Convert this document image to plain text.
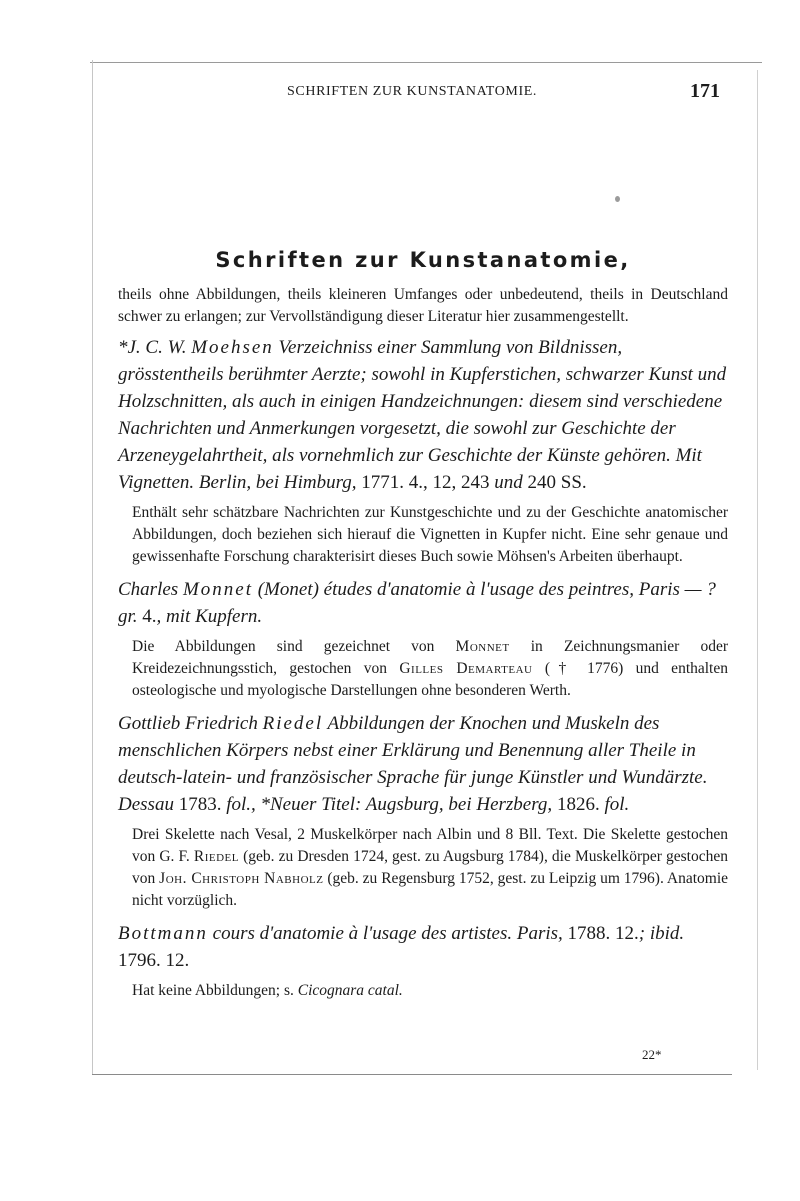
SCHRIFTEN ZUR KUNSTANATOMIE.	171
Schriften zur Kunstanatomie,

theils ohne Abbildungen, theils kleineren Umfanges oder unbedeutend, theils in Deutschland schwer zu erlangen; zur Vervollständigung dieser Literatur hier zusammengestellt.

*J. C. W. Moehsen Verzeichniss einer Sammlung von Bildnissen, grösstentheils berühmter Aerzte; sowohl in Kupferstichen, schwarzer Kunst und Holzschnitten, als auch in einigen Handzeichnungen: diesem sind verschiedene Nachrichten und Anmerkungen vorgesetzt, die sowohl zur Geschichte der Arzeneygelahrtheit, als vornehmlich zur Geschichte der Künste gehören. Mit Vignetten. Berlin, bei Himburg, 1771. 4., 12, 243 und 240 SS.

Enthält sehr schätzbare Nachrichten zur Kunstgeschichte und zu der Geschichte anatomischer Abbildungen, doch beziehen sich hierauf die Vignetten in Kupfer nicht. Eine sehr genaue und gewissenhafte Forschung charakterisirt dieses Buch sowie Möhsen's Arbeiten überhaupt.

Charles Monnet (Monet) études d'anatomie à l'usage des peintres, Paris — ? gr. 4., mit Kupfern.

Die Abbildungen sind gezeichnet von Monnet in Zeichnungsmanier oder Kreidezeichnungsstich, gestochen von Gilles Demarteau († 1776) und enthalten osteologische und myologische Darstellungen ohne besonderen Werth.

Gottlieb Friedrich Riedel Abbildungen der Knochen und Muskeln des menschlichen Körpers nebst einer Erklärung und Benennung aller Theile in deutsch-latein- und französischer Sprache für junge Künstler und Wundärzte. Dessau 1783. fol., *Neuer Titel: Augsburg, bei Herzberg, 1826. fol.

Drei Skelette nach Vesal, 2 Muskelkörper nach Albin und 8 Bll. Text. Die Skelette gestochen von G. F. Riedel (geb. zu Dresden 1724, gest. zu Augsburg 1784), die Muskelkörper gestochen von Joh. Christoph Nabholz (geb. zu Regensburg 1752, gest. zu Leipzig um 1796). Anatomie nicht vorzüglich.

Bottmann cours d'anatomie à l'usage des artistes. Paris, 1788. 12.; ibid. 1796. 12.

Hat keine Abbildungen; s. Cicognara catal.

22*
